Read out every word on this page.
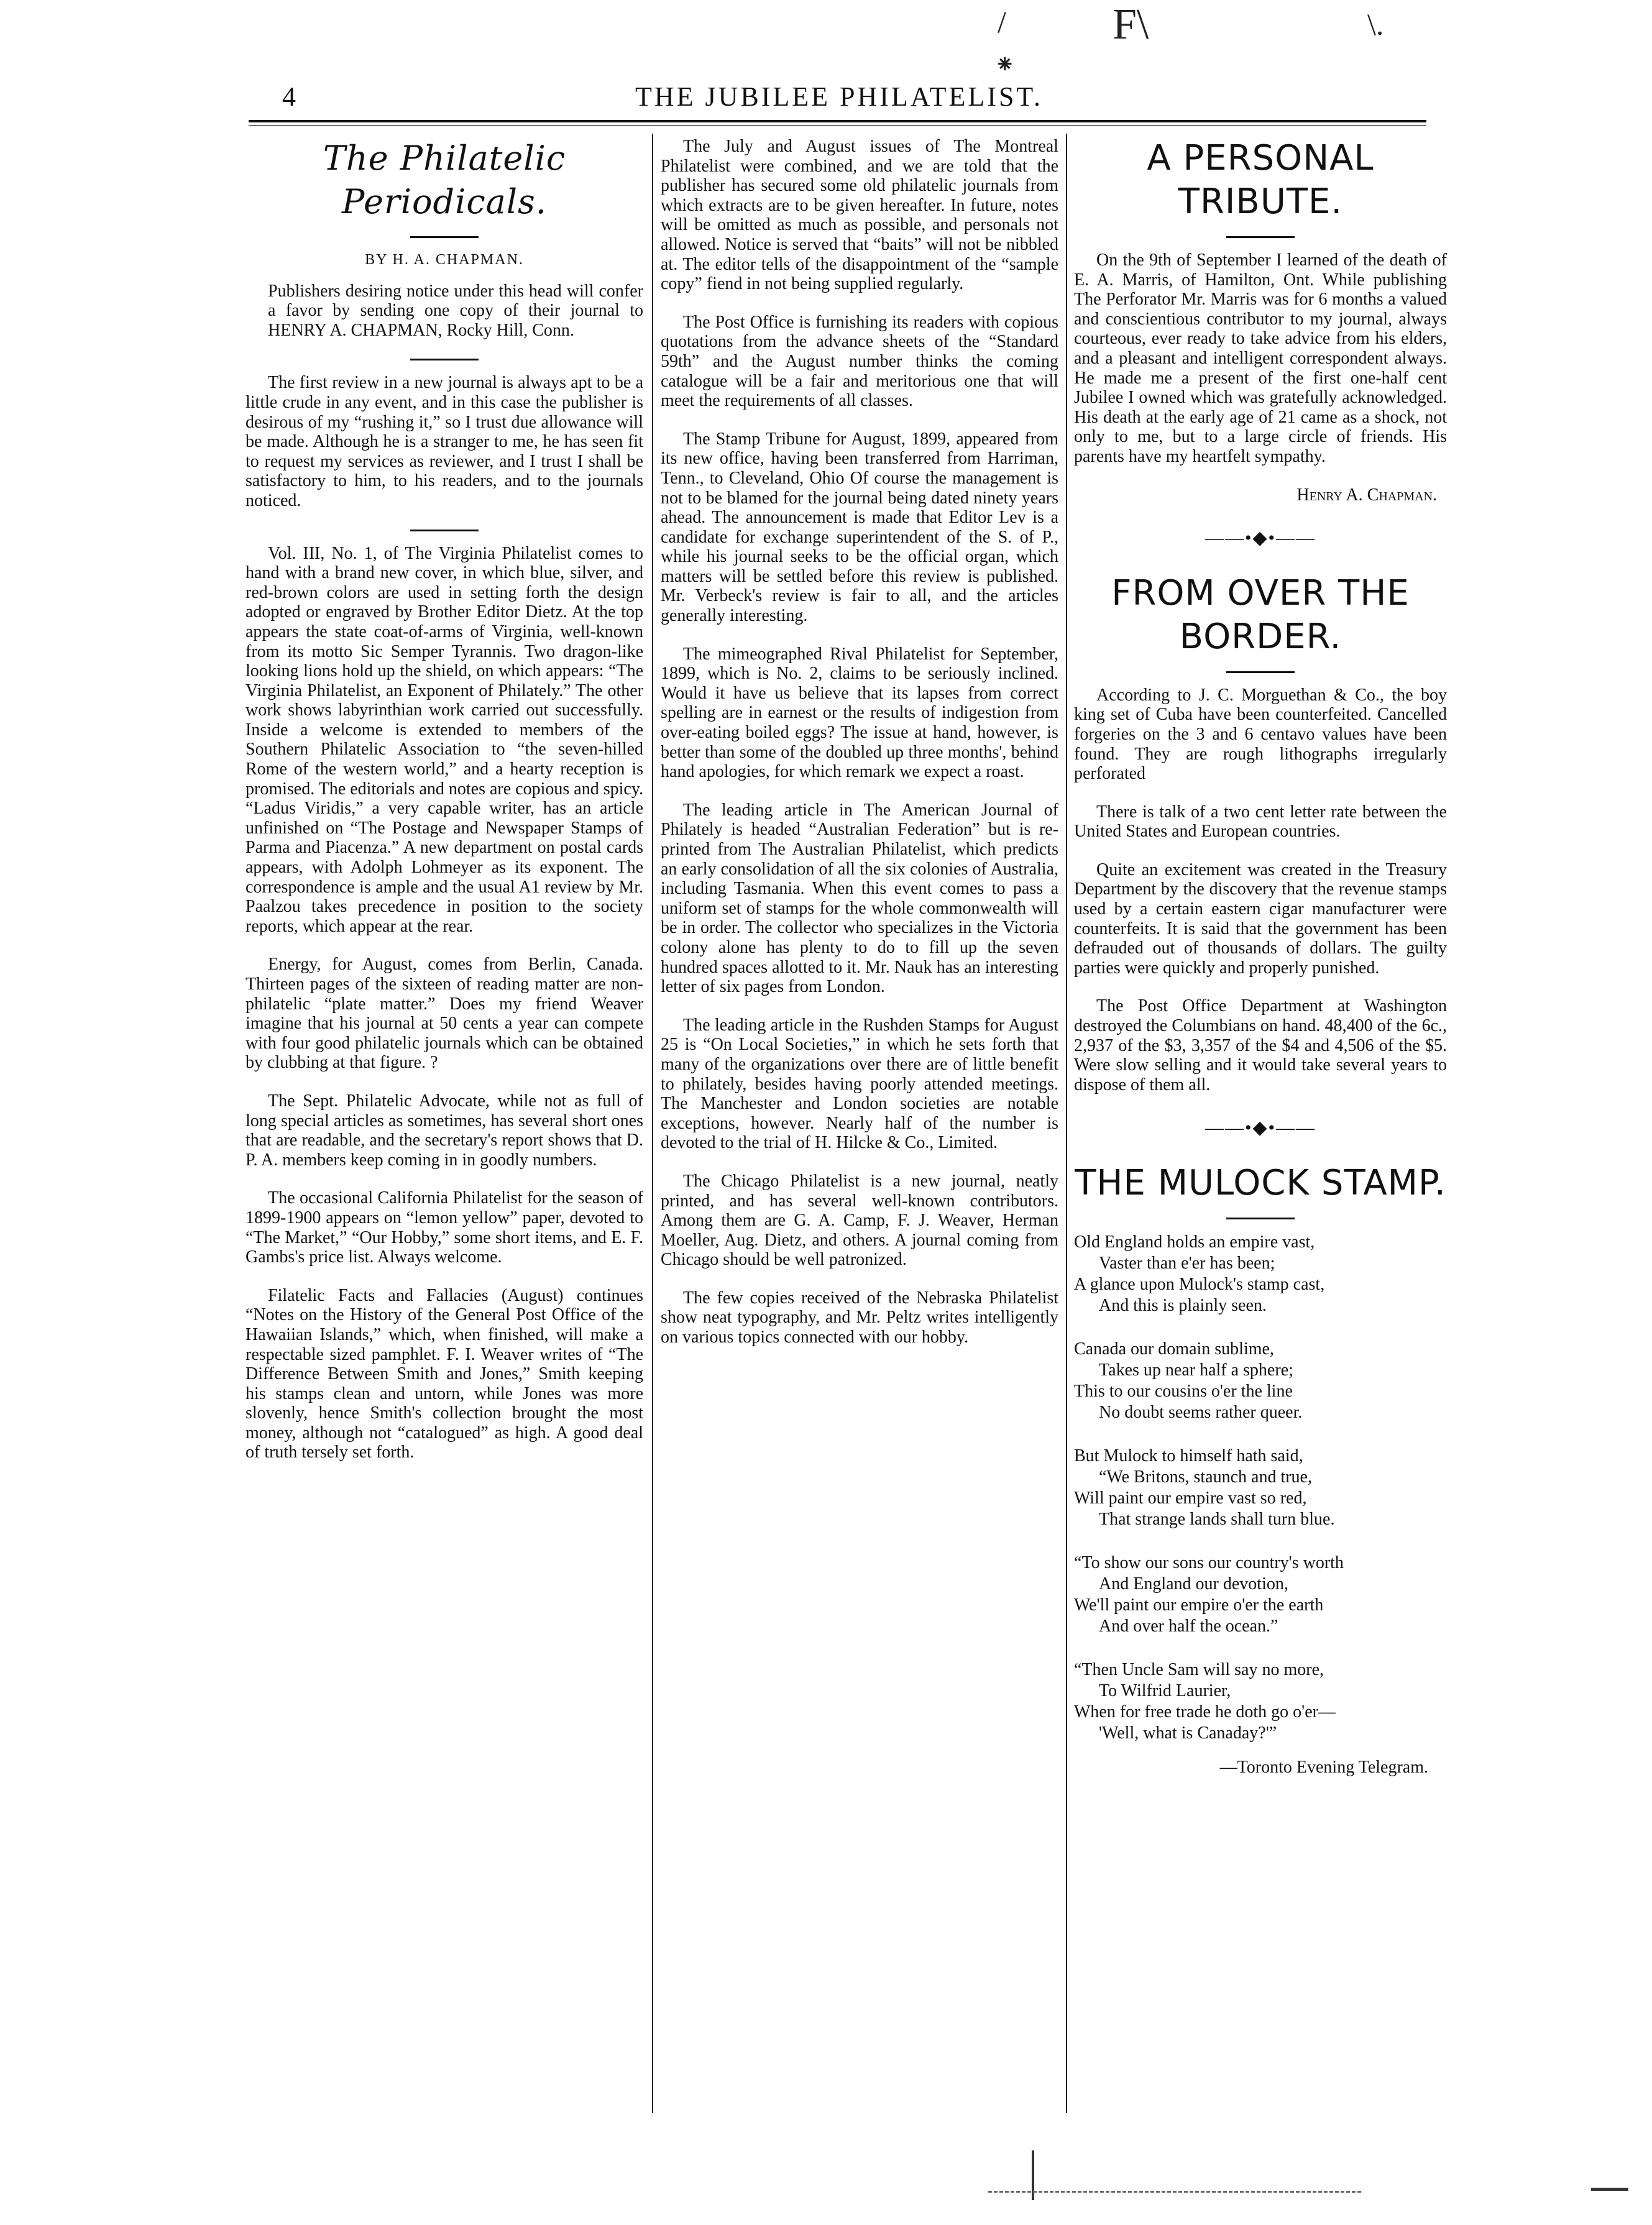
/ F\	\.
⁕
4	THE JUBILEE PHILATELIST.
The Philatelic Periodicals.
BY H. A. CHAPMAN.

Publishers desiring notice under this head will confer a favor by sending one copy of their journal to HENRY A. CHAPMAN, Rocky Hill, Conn.

The first review in a new journal is always apt to be a little crude in any event, and in this case the publisher is desirous of my “rushing it,” so I trust due allowance will be made. Although he is a stranger to me, he has seen fit to request my services as reviewer, and I trust I shall be satisfactory to him, to his readers, and to the journals noticed.

Vol. III, No. 1, of The Virginia Philatelist comes to hand with a brand new cover, in which blue, silver, and red-brown colors are used in setting forth the design adopted or engraved by Brother Editor Dietz. At the top appears the state coat-of-arms of Virginia, well-known from its motto Sic Semper Tyrannis. Two dragon-like looking lions hold up the shield, on which appears: “The Virginia Philatelist, an Exponent of Philately.” The other work shows labyrinthian work carried out successfully. Inside a welcome is extended to members of the Southern Philatelic Association to “the seven-hilled Rome of the western world,” and a hearty reception is promised. The editorials and notes are copious and spicy. “Ladus Viridis,” a very capable writer, has an article unfinished on “The Postage and Newspaper Stamps of Parma and Piacenza.” A new department on postal cards appears, with Adolph Lohmeyer as its exponent. The correspondence is ample and the usual A1 review by Mr. Paalzou takes precedence in position to the society reports, which appear at the rear.

Energy, for August, comes from Berlin, Canada. Thirteen pages of the sixteen of reading matter are non-philatelic “plate matter.” Does my friend Weaver imagine that his journal at 50 cents a year can compete with four good philatelic journals which can be obtained by clubbing at that figure. ?

The Sept. Philatelic Advocate, while not as full of long special articles as sometimes, has several short ones that are readable, and the secretary's report shows that D. P. A. members keep coming in in goodly numbers.

The occasional California Philatelist for the season of 1899-1900 appears on “lemon yellow” paper, devoted to “The Market,” “Our Hobby,” some short items, and E. F. Gambs's price list. Always welcome.

Filatelic Facts and Fallacies (August) continues “Notes on the History of the General Post Office of the Hawaiian Islands,” which, when finished, will make a respectable sized pamphlet. F. I. Weaver writes of “The Difference Between Smith and Jones,” Smith keeping his stamps clean and untorn, while Jones was more slovenly, hence Smith's collection brought the most money, although not “catalogued” as high. A good deal of truth tersely set forth.

The July and August issues of The Montreal Philatelist were combined, and we are told that the publisher has secured some old philatelic journals from which extracts are to be given hereafter. In future, notes will be omitted as much as possible, and personals not allowed. Notice is served that “baits” will not be nibbled at. The editor tells of the disappointment of the “sample copy” fiend in not being supplied regularly.

The Post Office is furnishing its readers with copious quotations from the advance sheets of the “Standard 59th” and the August number thinks the coming catalogue will be a fair and meritorious one that will meet the requirements of all classes.

The Stamp Tribune for August, 1899, appeared from its new office, having been transferred from Harriman, Tenn., to Cleveland, Ohio Of course the management is not to be blamed for the journal being dated ninety years ahead. The announcement is made that Editor Lev is a candidate for exchange superintendent of the S. of P., while his journal seeks to be the official organ, which matters will be settled before this review is published. Mr. Verbeck's review is fair to all, and the articles generally interesting.

The mimeographed Rival Philatelist for September, 1899, which is No. 2, claims to be seriously inclined. Would it have us believe that its lapses from correct spelling are in earnest or the results of indigestion from over-eating boiled eggs? The issue at hand, however, is better than some of the doubled up three months', behind hand apologies, for which remark we expect a roast.

The leading article in The American Journal of Philately is headed “Australian Federation” but is re-printed from The Australian Philatelist, which predicts an early consolidation of all the six colonies of Australia, including Tasmania. When this event comes to pass a uniform set of stamps for the whole commonwealth will be in order. The collector who specializes in the Victoria colony alone has plenty to do to fill up the seven hundred spaces allotted to it. Mr. Nauk has an interesting letter of six pages from London.

The leading article in the Rushden Stamps for August 25 is “On Local Societies,” in which he sets forth that many of the organizations over there are of little benefit to philately, besides having poorly attended meetings. The Manchester and London societies are notable exceptions, however. Nearly half of the number is devoted to the trial of H. Hilcke & Co., Limited.

The Chicago Philatelist is a new journal, neatly printed, and has several well-known contributors. Among them are G. A. Camp, F. J. Weaver, Herman Moeller, Aug. Dietz, and others. A journal coming from Chicago should be well patronized.

The few copies received of the Nebraska Philatelist show neat typography, and Mr. Peltz writes intelligently on various topics connected with our hobby.

A PERSONAL TRIBUTE.

On the 9th of September I learned of the death of E. A. Marris, of Hamilton, Ont. While publishing The Perforator Mr. Marris was for 6 months a valued and conscientious contributor to my journal, always courteous, ever ready to take advice from his elders, and a pleasant and intelligent correspondent always. He made me a present of the first one-half cent Jubilee I owned which was gratefully acknowledged. His death at the early age of 21 came as a shock, not only to me, but to a large circle of friends. His parents have my heartfelt sympathy.

Henry A. Chapman.
——•◆•——
FROM OVER THE BORDER.

According to J. C. Morguethan & Co., the boy king set of Cuba have been counterfeited. Cancelled forgeries on the 3 and 6 centavo values have been found. They are rough lithographs irregularly perforated

There is talk of a two cent letter rate between the United States and European countries.

Quite an excitement was created in the Treasury Department by the discovery that the revenue stamps used by a certain eastern cigar manufacturer were counterfeits. It is said that the government has been defrauded out of thousands of dollars. The guilty parties were quickly and properly punished.

The Post Office Department at Washington destroyed the Columbians on hand. 48,400 of the 6c., 2,937 of the $3, 3,357 of the $4 and 4,506 of the $5. Were slow selling and it would take several years to dispose of them all.

——•◆•——
THE MULOCK STAMP.
Old England holds an empire vast,
Vaster than e'er has been;
A glance upon Mulock's stamp cast,
And this is plainly seen.
Canada our domain sublime,
Takes up near half a sphere;
This to our cousins o'er the line
No doubt seems rather queer.
But Mulock to himself hath said,
“We Britons, staunch and true,
Will paint our empire vast so red,
That strange lands shall turn blue.
“To show our sons our country's worth
And England our devotion,
We'll paint our empire o'er the earth
And over half the ocean.”
“Then Uncle Sam will say no more,
To Wilfrid Laurier,
When for free trade he doth go o'er—
'Well, what is Canaday?'”
—Toronto Evening Telegram.
